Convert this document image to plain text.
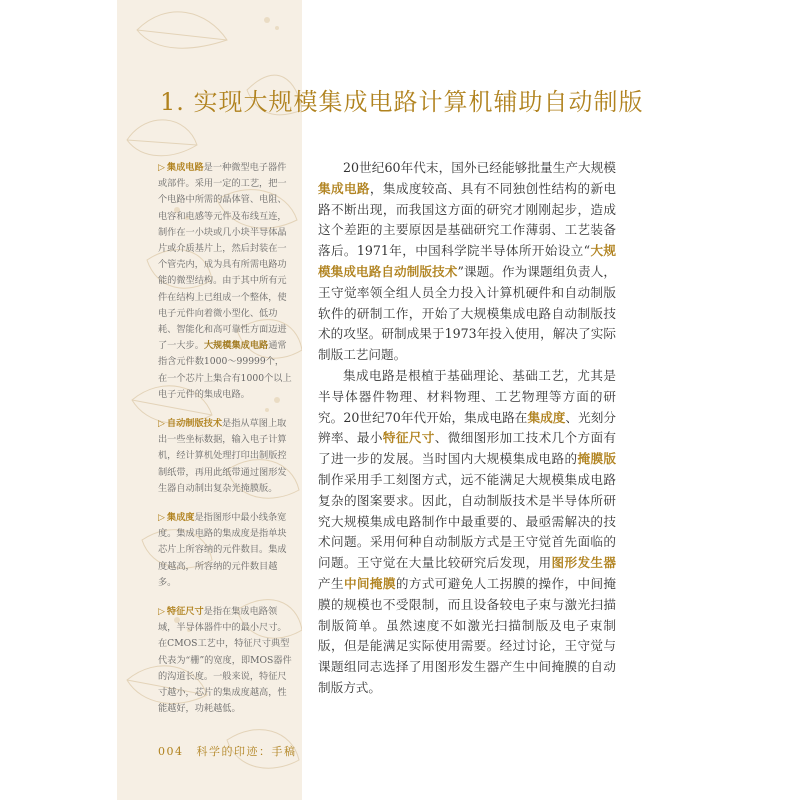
1. 实现大规模集成电路计算机辅助自动制版

▷ 集成电路是一种微型电子器件或部件。采用一定的工艺，把一个电路中所需的晶体管、电阻、电容和电感等元件及布线互连，制作在一小块或几小块半导体晶片或介质基片上，然后封装在一个管壳内，成为具有所需电路功能的微型结构。由于其中所有元件在结构上已组成一个整体，使电子元件向着微小型化、低功耗、智能化和高可靠性方面迈进了一大步。大规模集成电路通常指含元件数1000～99999个，在一个芯片上集合有1000个以上电子元件的集成电路。

▷ 自动制版技术是指从草图上取出一些坐标数据，输入电子计算机，经计算机处理打印出制版控制纸带，再用此纸带通过图形发生器自动制出复杂光掩膜版。

▷ 集成度是指图形中最小线条宽度。集成电路的集成度是指单块芯片上所容纳的元件数目。集成度越高，所容纳的元件数目越多。

▷ 特征尺寸是指在集成电路领域，半导体器件中的最小尺寸。在CMOS工艺中，特征尺寸典型代表为“栅”的宽度，即MOS器件的沟道长度。一般来说，特征尺寸越小，芯片的集成度越高，性能越好，功耗越低。

20世纪60年代末，国外已经能够批量生产大规模集成电路，集成度较高、具有不同独创性结构的新电路不断出现，而我国这方面的研究才刚刚起步，造成这个差距的主要原因是基础研究工作薄弱、工艺装备落后。1971年，中国科学院半导体所开始设立“大规模集成电路自动制版技术”课题。作为课题组负责人，王守觉率领全组人员全力投入计算机硬件和自动制版软件的研制工作，开始了大规模集成电路自动制版技术的攻坚。研制成果于1973年投入使用，解决了实际制版工艺问题。

集成电路是根植于基础理论、基础工艺，尤其是半导体器件物理、材料物理、工艺物理等方面的研究。20世纪70年代开始，集成电路在集成度、光刻分辨率、最小特征尺寸、微细图形加工技术几个方面有了进一步的发展。当时国内大规模集成电路的掩膜版制作采用手工刻图方式，远不能满足大规模集成电路复杂的图案要求。因此，自动制版技术是半导体所研究大规模集成电路制作中最重要的、最亟需解决的技术问题。采用何种自动制版方式是王守觉首先面临的问题。王守觉在大量比较研究后发现，用图形发生器产生中间掩膜的方式可避免人工拐膜的操作，中间掩膜的规模也不受限制，而且设备较电子束与激光扫描制版简单。虽然速度不如激光扫描制版及电子束制版，但是能满足实际使用需要。经过讨论，王守觉与课题组同志选择了用图形发生器产生中间掩膜的自动制版方式。

004 科学的印迹：手稿
